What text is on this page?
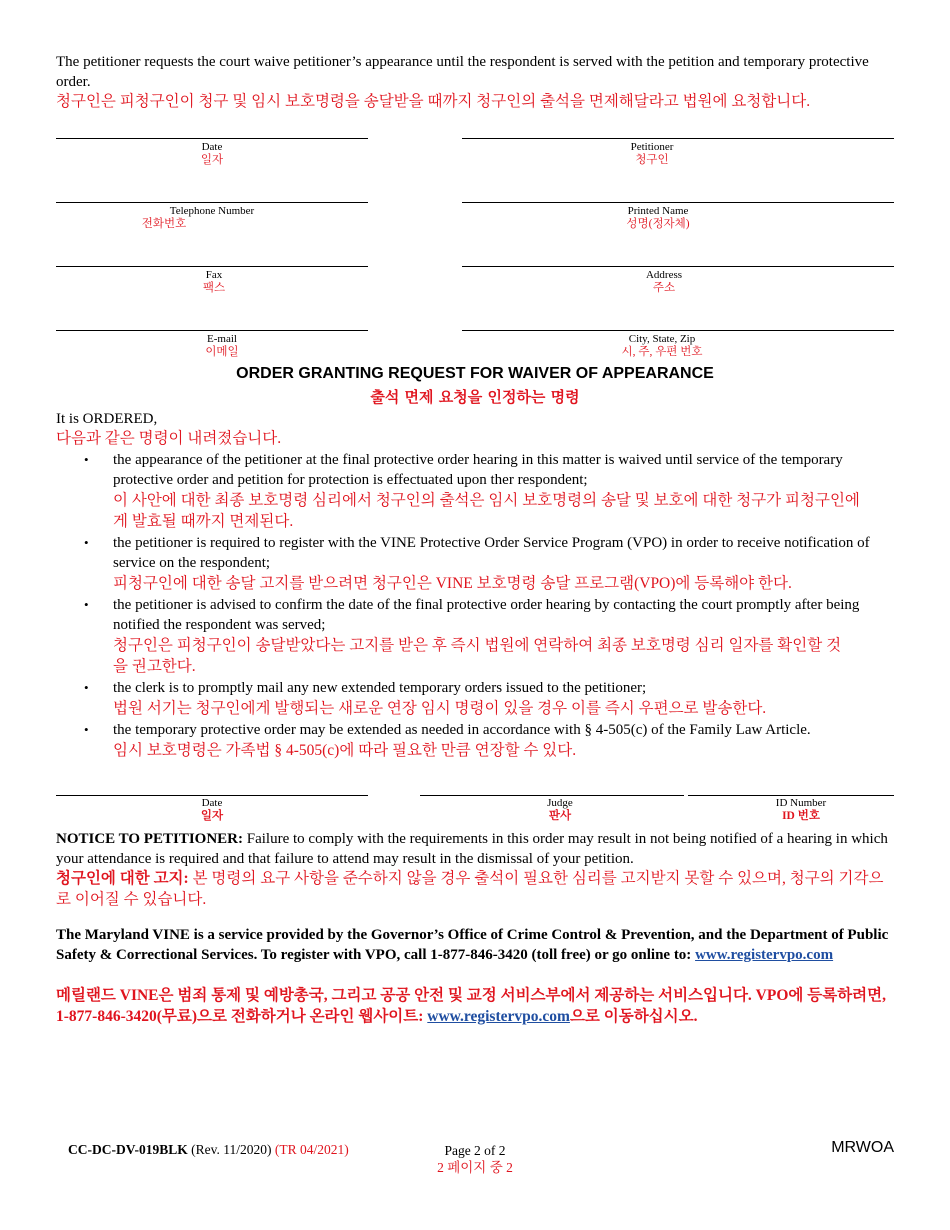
The petitioner requests the court waive petitioner’s appearance until the respondent is served with the petition and temporary protective order.
청구인은 피청구인이 청구 및 임시 보호명령을 송달받을 때까지 청구인의 출석을 면제해달라고 법원에 요청합니다.
Date
일자
Petitioner
청구인
Telephone Number
전화번호
Printed Name
성명(정자체)
Fax
팩스
Address
주소
E-mail
이메일
City, State, Zip
시, 주, 우편 번호
ORDER GRANTING REQUEST FOR WAIVER OF APPEARANCE
출석 면제 요청을 인정하는 명령
It is ORDERED,
다음과 같은 명령이 내려졌습니다.
• the appearance of the petitioner at the final protective order hearing in this matter is waived until service of the temporary protective order and petition for protection is effectuated upon ther respondent;
이 사안에 대한 최종 보호명령 심리에서 청구인의 출석은 임시 보호명령의 송달 및 보호에 대한 청구가 피청구인에게 발효될 때까지 면제된다.
• the petitioner is required to register with the VINE Protective Order Service Program (VPO) in order to receive notification of service on the respondent;
피청구인에 대한 송달 고지를 받으려면 청구인은 VINE 보호명령 송달 프로그램(VPO)에 등록해야 한다.
• the petitioner is advised to confirm the date of the final protective order hearing by contacting the court promptly after being notified the respondent was served;
청구인은 피청구인이 송달받았다는 고지를 받은 후 즉시 법원에 연락하여 최종 보호명령 심리 일자를 확인할 것을 권고한다.
• the clerk is to promptly mail any new extended temporary orders issued to the petitioner;
법원 서기는 청구인에게 발행되는 새로운 연장 임시 명령이 있을 경우 이를 즉시 우편으로 발송한다.
• the temporary protective order may be extended as needed in accordance with § 4-505(c) of the Family Law Article.
임시 보호명령은 가족법 § 4-505(c)에 따라 필요한 만큼 연장할 수 있다.
Date
일자
Judge
판사
ID Number
ID 번호
NOTICE TO PETITIONER: Failure to comply with the requirements in this order may result in not being notified of a hearing in which your attendance is required and that failure to attend may result in the dismissal of your petition.
청구인에 대한 고지: 본 명령의 요구 사항을 준수하지 않을 경우 출석이 필요한 심리를 고지받지 못할 수 있으며, 청구의 기각으로 이어질 수 있습니다.
The Maryland VINE is a service provided by the Governor’s Office of Crime Control & Prevention, and the Department of Public Safety & Correctional Services. To register with VPO, call 1-877-846-3420 (toll free) or go online to: www.registervpo.com
메릴랜드 VINE은 범죄 통제 및 예방총국, 그리고 공공 안전 및 교정 서비스부에서 제공하는 서비스입니다. VPO에 등록하려면, 1-877-846-3420(무료)으로 전화하거나 온라인 웹사이트: www.registervpo.com으로 이동하십시오.
CC-DC-DV-019BLK (Rev. 11/2020) (TR 04/2021)	Page 2 of 2
2 페이지 중 2
MRWOA
